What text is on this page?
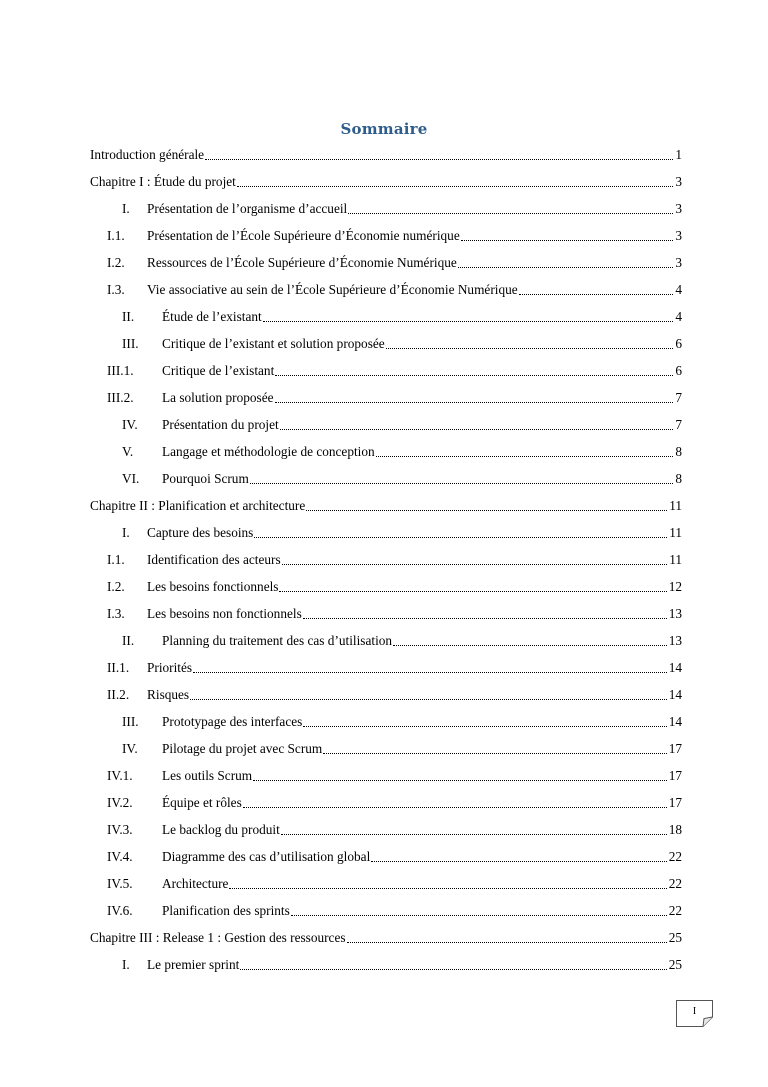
Sommaire
Introduction générale	1
Chapitre I : Étude du projet	3
I.	Présentation de l’organisme d’accueil	3
I.1.	Présentation de l’École Supérieure d’Économie numérique	3
I.2.	Ressources de l’École Supérieure d’Économie Numérique	3
I.3.	Vie associative au sein de l’École Supérieure d’Économie Numérique	4
II.	Étude de l’existant	4
III.	Critique de l’existant et solution proposée	6
III.1.	Critique de l’existant	6
III.2.	La solution proposée	7
IV.	Présentation du projet	7
V.	Langage et méthodologie de conception	8
VI.	Pourquoi Scrum	8
Chapitre II : Planification et architecture	11
I.	Capture des besoins	11
I.1.	Identification des acteurs	11
I.2.	Les besoins fonctionnels	12
I.3.	Les besoins non fonctionnels	13
II.	Planning du traitement des cas d’utilisation	13
II.1.	Priorités	14
II.2.	Risques	14
III.	Prototypage des interfaces	14
IV.	Pilotage du projet avec Scrum	17
IV.1.	Les outils Scrum	17
IV.2.	Équipe et rôles	17
IV.3.	Le backlog du produit	18
IV.4.	Diagramme des cas d’utilisation global	22
IV.5.	Architecture	22
IV.6.	Planification des sprints	22
Chapitre III : Release 1 : Gestion des ressources	25
I.	Le premier sprint	25
I
